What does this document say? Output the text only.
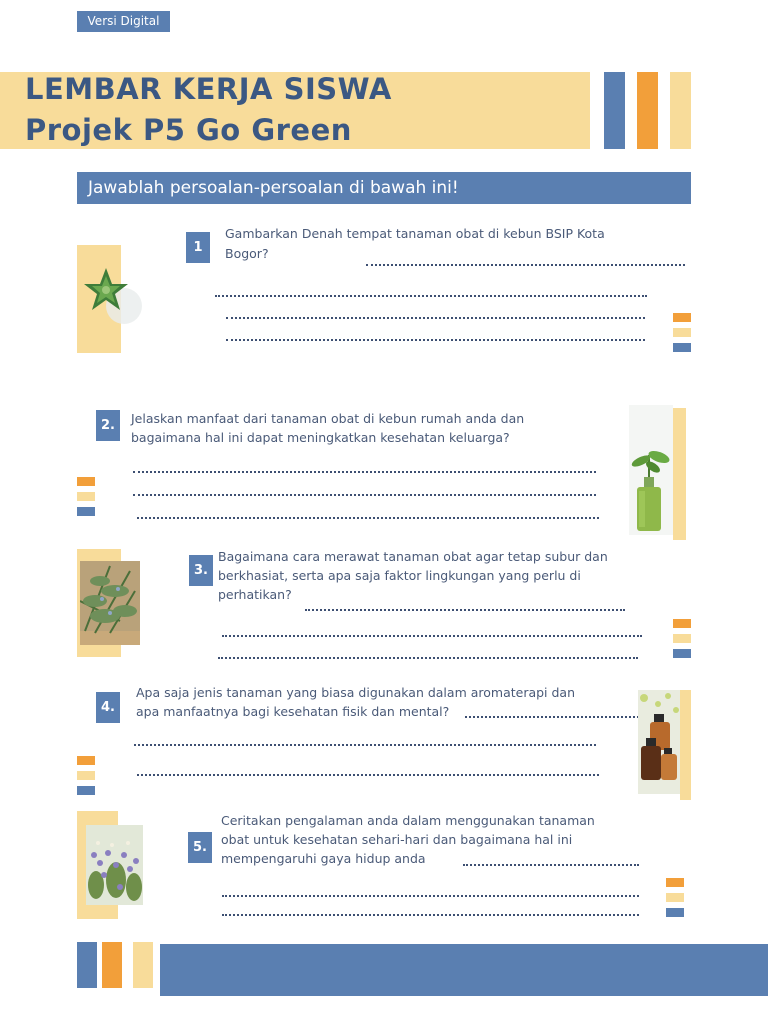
Versi Digital
LEMBAR KERJA SISWA
Projek P5 Go Green
Jawablah persoalan-persoalan di bawah ini!
1
Gambarkan Denah tempat tanaman obat di kebun BSIP Kota
Bogor?
2.	Jelaskan manfaat dari tanaman obat di kebun rumah anda dan
bagaimana hal ini dapat meningkatkan kesehatan keluarga?
3.
Bagaimana cara merawat tanaman obat agar tetap subur dan
berkhasiat, serta apa saja faktor lingkungan yang perlu di
perhatikan?
4.
Apa saja jenis tanaman yang biasa digunakan dalam aromaterapi dan
apa manfaatnya bagi kesehatan fisik dan mental?
5.
Ceritakan pengalaman anda dalam menggunakan tanaman
obat untuk kesehatan sehari-hari dan bagaimana hal ini
mempengaruhi gaya hidup anda
